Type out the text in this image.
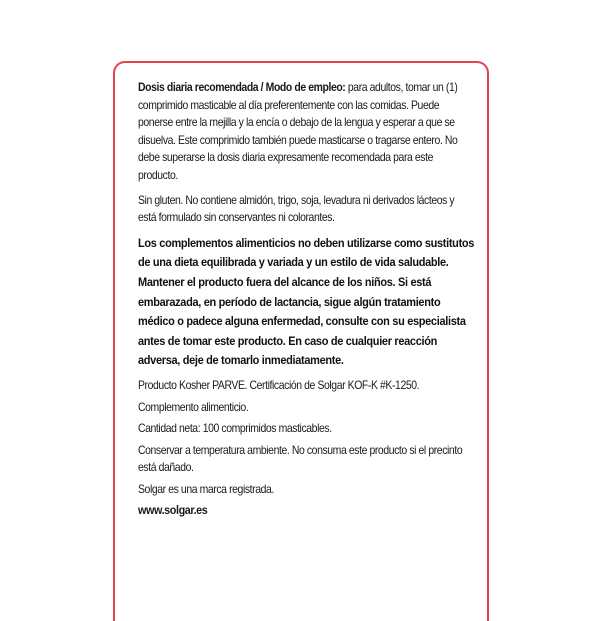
Dosis diaria recomendada / Modo de empleo: para adultos, tomar un (1) comprimido masticable al día preferentemente con las comidas. Puede ponerse entre la mejilla y la encía o debajo de la lengua y esperar a que se disuelva. Este comprimido también puede masticarse o tragarse entero. No debe superarse la dosis diaria expresamente recomendada para este producto.

Sin gluten. No contiene almidón, trigo, soja, levadura ni derivados lácteos y está formulado sin conservantes ni colorantes.

Los complementos alimenticios no deben utilizarse como sustitutos de una dieta equilibrada y variada y un estilo de vida saludable. Mantener el producto fuera del alcance de los niños. Si está embarazada, en período de lactancia, sigue algún tratamiento médico o padece alguna enfermedad, consulte con su especialista antes de tomar este producto. En caso de cualquier reacción adversa, deje de tomarlo inmediatamente.

Producto Kosher PARVE. Certificación de Solgar KOF-K #K-1250.

Complemento alimenticio.

Cantidad neta: 100 comprimidos masticables.

Conservar a temperatura ambiente. No consuma este producto si el precinto está dañado.

Solgar es una marca registrada.

www.solgar.es
